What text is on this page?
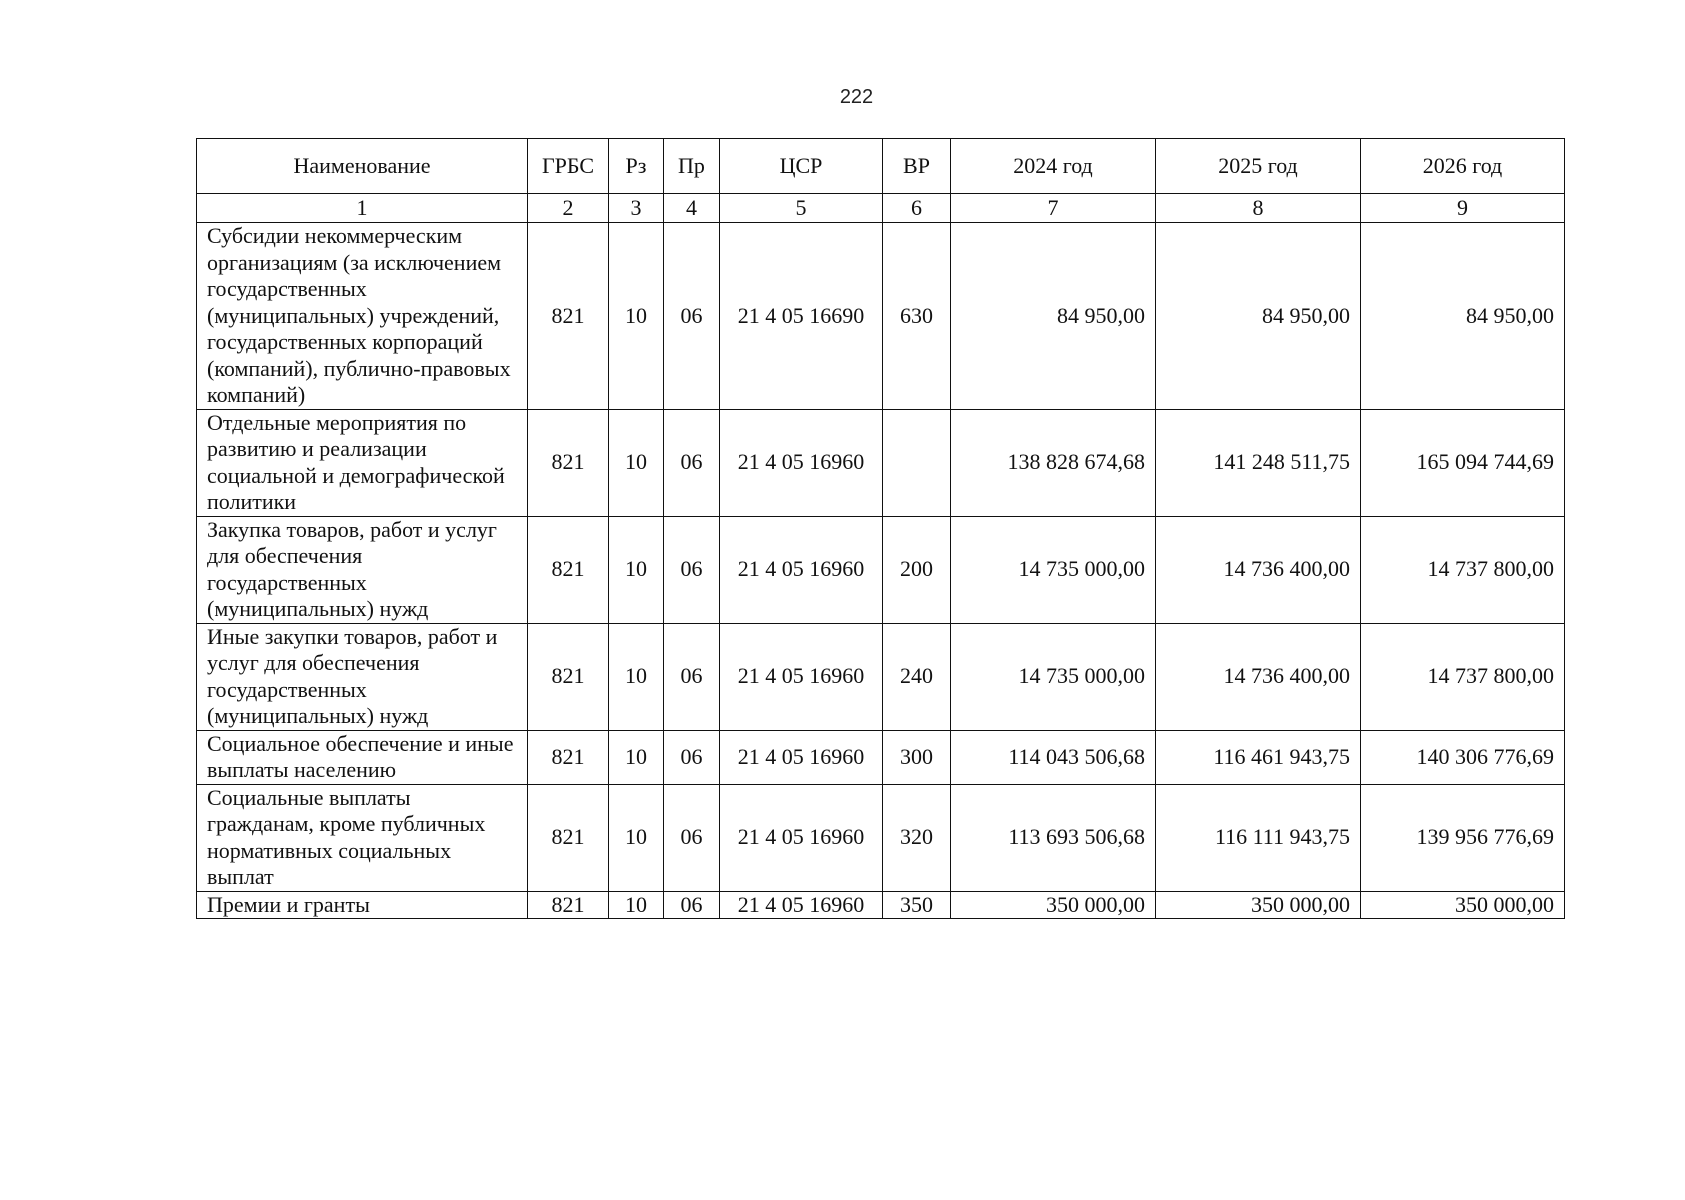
222
Наименование	ГРБС	Рз	Пр	ЦСР	ВР	2024 год	2025 год	2026 год
1	2	3	4	5	6	7	8	9
Субсидии некоммерческим организациям (за исключением государственных (муниципальных) учреждений, государственных корпораций (компаний), публично-правовых компаний)	821	10	06	21 4 05 16690	630	84 950,00	84 950,00	84 950,00
Отдельные мероприятия по развитию и реализации социальной и демографической политики	821	10	06	21 4 05 16960		138 828 674,68	141 248 511,75	165 094 744,69
Закупка товаров, работ и услуг для обеспечения государственных (муниципальных) нужд	821	10	06	21 4 05 16960	200	14 735 000,00	14 736 400,00	14 737 800,00
Иные закупки товаров, работ и услуг для обеспечения государственных (муниципальных) нужд	821	10	06	21 4 05 16960	240	14 735 000,00	14 736 400,00	14 737 800,00
Социальное обеспечение и иные выплаты населению	821	10	06	21 4 05 16960	300	114 043 506,68	116 461 943,75	140 306 776,69
Социальные выплаты гражданам, кроме публичных нормативных социальных выплат	821	10	06	21 4 05 16960	320	113 693 506,68	116 111 943,75	139 956 776,69
Премии и гранты	821	10	06	21 4 05 16960	350	350 000,00	350 000,00	350 000,00
